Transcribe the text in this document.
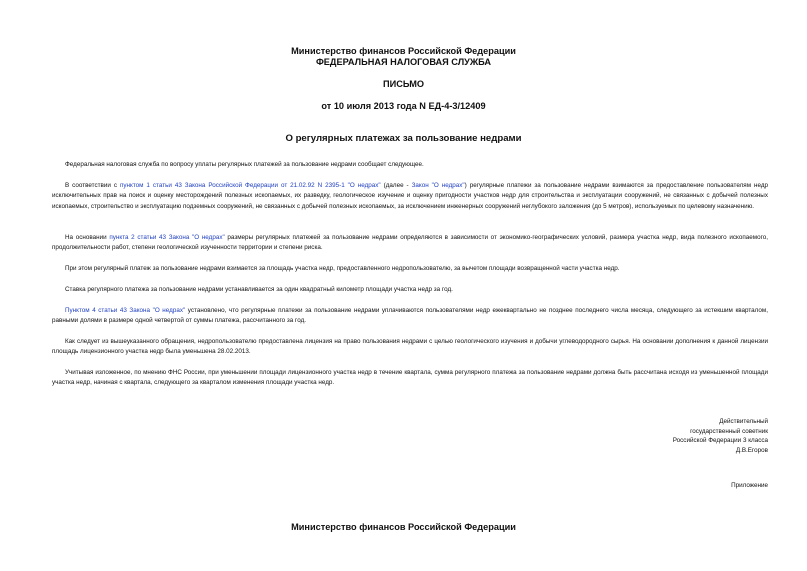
Министерство финансов Российской Федерации
ФЕДЕРАЛЬНАЯ НАЛОГОВАЯ СЛУЖБА
ПИСЬМО
от 10 июля 2013 года N ЕД-4-3/12409
О регулярных платежах за пользование недрами

Федеральная налоговая служба по вопросу уплаты регулярных платежей за пользование недрами сообщает следующее.

В соответствии с пунктом 1 статьи 43 Закона Российской Федерации от 21.02.92 N 2395-1 "О недрах" (далее - Закон "О недрах") регулярные платежи за пользование недрами взимаются за предоставление пользователям недр исключительных прав на поиск и оценку месторождений полезных ископаемых, их разведку, геологическое изучение и оценку пригодности участков недр для строительства и эксплуатации сооружений, не связанных с добычей полезных ископаемых, строительство и эксплуатацию подземных сооружений, не связанных с добычей полезных ископаемых, за исключением инженерных сооружений неглубокого заложения (до 5 метров), используемых по целевому назначению.

На основании пункта 2 статьи 43 Закона "О недрах" размеры регулярных платежей за пользование недрами определяются в зависимости от экономико-географических условий, размера участка недр, вида полезного ископаемого, продолжительности работ, степени геологической изученности территории и степени риска.

При этом регулярный платеж за пользование недрами взимается за площадь участка недр, предоставленного недропользователю, за вычетом площади возвращенной части участка недр.

Ставка регулярного платежа за пользование недрами устанавливается за один квадратный километр площади участка недр за год.

Пунктом 4 статьи 43 Закона "О недрах" установлено, что регулярные платежи за пользование недрами уплачиваются пользователями недр ежеквартально не позднее последнего числа месяца, следующего за истекшим кварталом, равными долями в размере одной четвертой от суммы платежа, рассчитанного за год.

Как следует из вышеуказанного обращения, недропользователю предоставлена лицензия на право пользования недрами с целью геологического изучения и добычи углеводородного сырья. На основании дополнения к данной лицензии площадь лицензионного участка недр была уменьшена 28.02.2013.

Учитывая изложенное, по мнению ФНС России, при уменьшении площади лицензионного участка недр в течение квартала, сумма регулярного платежа за пользование недрами должна быть рассчитана исходя из уменьшенной площади участка недр, начиная с квартала, следующего за кварталом изменения площади участка недр.

Действительный
государственный советник
Российской Федерации 3 класса
Д.В.Егоров
Приложение
Министерство финансов Российской Федерации
